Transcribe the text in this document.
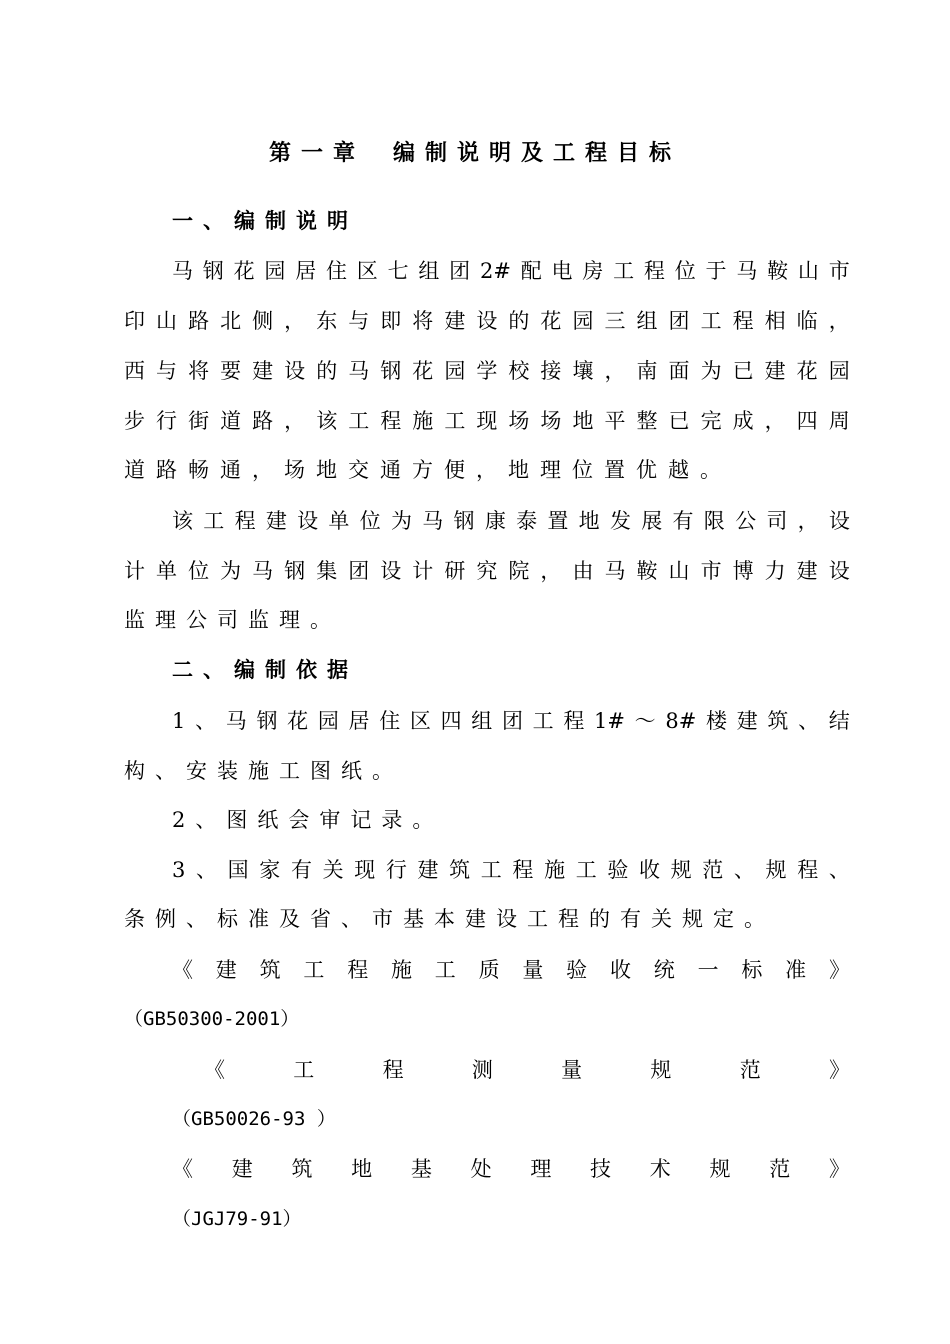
第一章 编制说明及工程目标
一、编制说明
马 钢 花 园 居 住 区 七 组 团 2# 配 电 房 工 程 位 于 马 鞍 山 市
印 山 路 北 侧 ， 东 与 即 将 建 设 的 花 园 三 组 团 工 程 相 临 ，
西 与 将 要 建 设 的 马 钢 花 园 学 校 接 壤 ， 南 面 为 已 建 花 园
步 行 街 道 路 ， 该 工 程 施 工 现 场 场 地 平 整 已 完 成 ， 四 周
道路畅通，场地交通方便，地理位置优越。
该 工 程 建 设 单 位 为 马 钢 康 泰 置 地 发 展 有 限 公 司 ， 设
计 单 位 为 马 钢 集 团 设 计 研 究 院 ， 由 马 鞍 山 市 博 力 建 设
监理公司监理。
二、编制依据
1 、 马 钢 花 园 居 住 区 四 组 团 工 程 1# ～ 8# 楼 建 筑 、 结
构、安装施工图纸。
2、图纸会审记录。
3 、 国 家 有 关 现 行 建 筑 工 程 施 工 验 收 规 范 、 规 程 、
条例、标准及省、市基本建设工程的有关规定。
《 建 筑 工 程 施 工 质 量 验 收 统 一 标 准 》
（GB50300-2001）
《	工	程	测	量	规	范	》
（GB50026-93 ）
《 建 筑 地 基 处 理 技 术 规 范 》
（JGJ79-91）
